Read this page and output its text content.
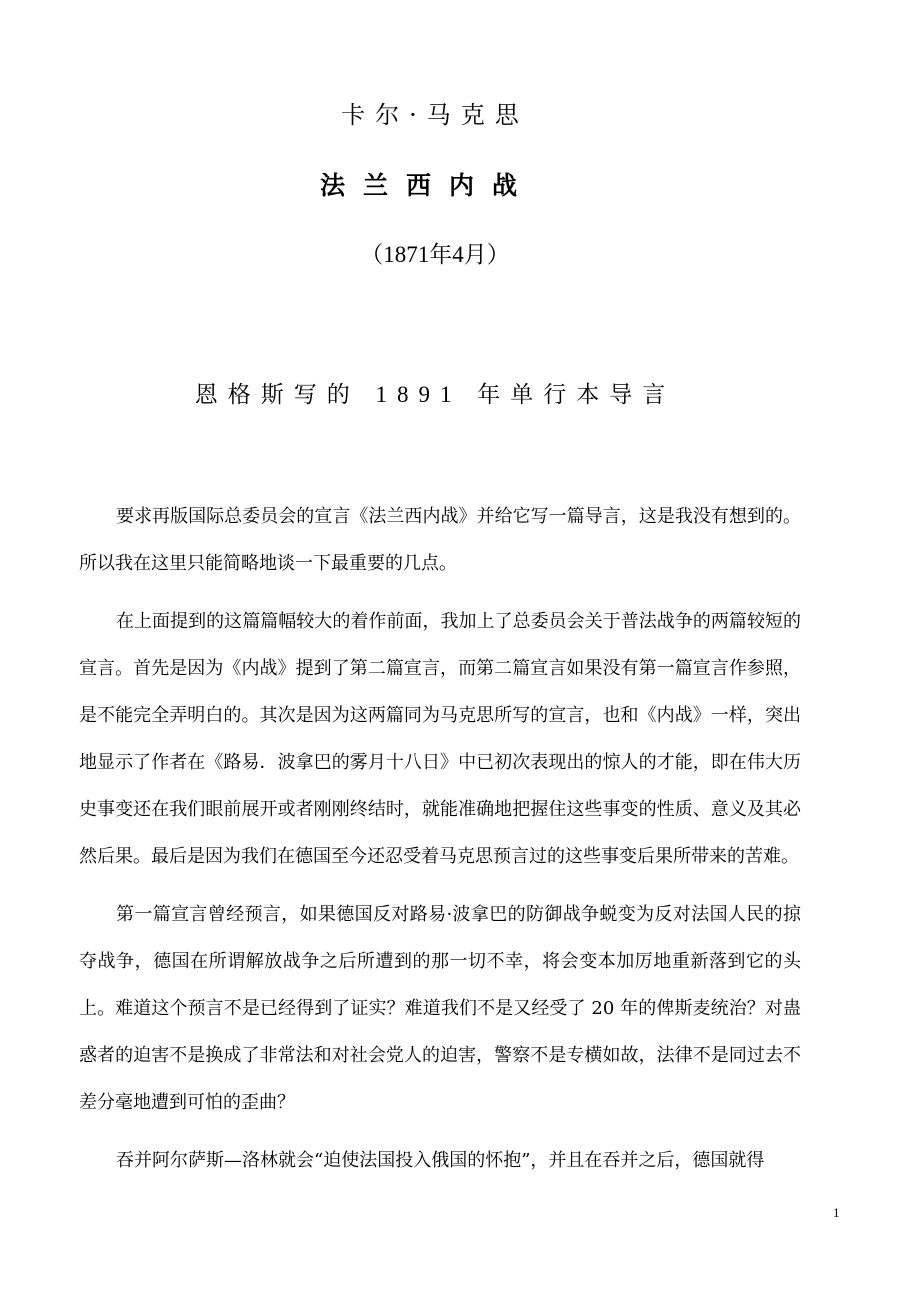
卡尔·马克思
法兰西内战
（1871年4月）
恩格斯写的 1891 年单行本导言

要求再版国际总委员会的宣言《法兰西内战》并给它写一篇导言，这是我没有想到的。所以我在这里只能简略地谈一下最重要的几点。

在上面提到的这篇篇幅较大的着作前面，我加上了总委员会关于普法战争的两篇较短的宣言。首先是因为《内战》提到了第二篇宣言，而第二篇宣言如果没有第一篇宣言作参照，是不能完全弄明白的。其次是因为这两篇同为马克思所写的宣言，也和《内战》一样，突出地显示了作者在《路易．波拿巴的雾月十八日》中已初次表现出的惊人的才能，即在伟大历史事变还在我们眼前展开或者刚刚终结时，就能准确地把握住这些事变的性质、意义及其必然后果。最后是因为我们在德国至今还忍受着马克思预言过的这些事变后果所带来的苦难。

第一篇宣言曾经预言，如果德国反对路易·波拿巴的防御战争蜕变为反对法国人民的掠夺战争，德国在所谓解放战争之后所遭到的那一切不幸，将会变本加厉地重新落到它的头上。难道这个预言不是已经得到了证实？难道我们不是又经受了 20 年的俾斯麦统治？对蛊惑者的迫害不是换成了非常法和对社会党人的迫害，警察不是专横如故，法律不是同过去不差分毫地遭到可怕的歪曲？

吞并阿尔萨斯—洛林就会“迫使法国投入俄国的怀抱”，并且在吞并之后，德国就得

1
